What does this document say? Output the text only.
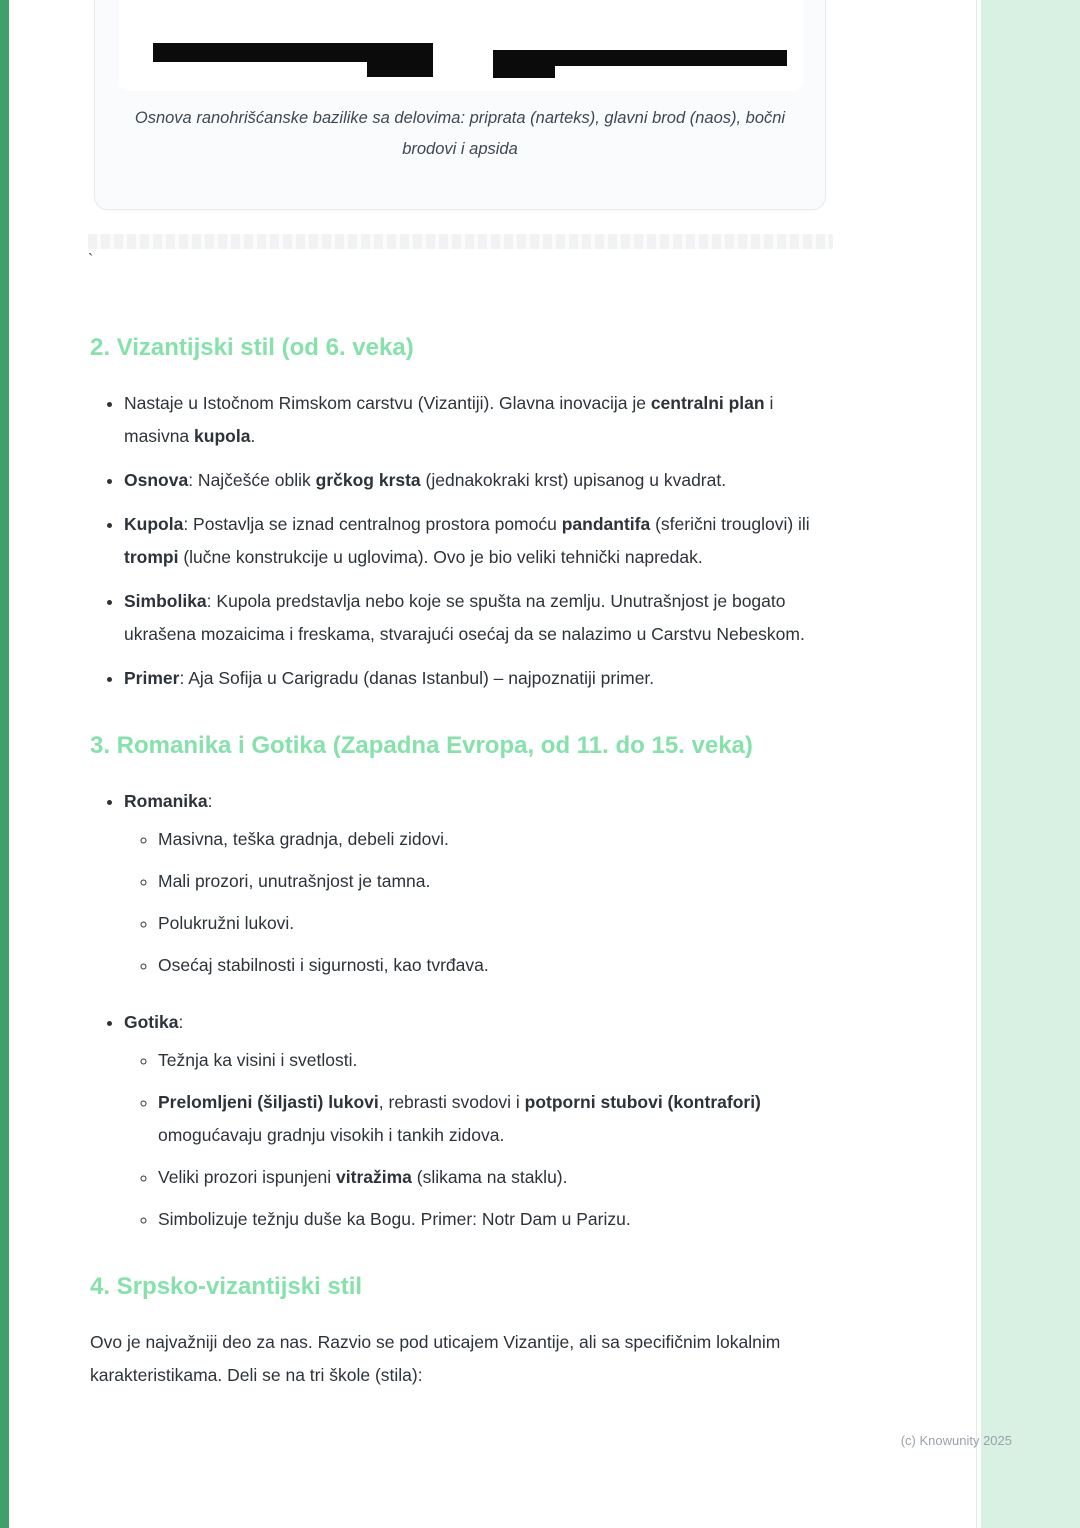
Osnova ranohrišćanske bazilike sa delovima: priprata (narteks), glavni brod (naos), bočni brodovi i apsida

`
2. Vizantijski stil (od 6. veka)
• Nastaje u Istočnom Rimskom carstvu (Vizantiji). Glavna inovacija je centralni plan i masivna kupola.
• Osnova: Najčešće oblik grčkog krsta (jednakokraki krst) upisanog u kvadrat.
• Kupola: Postavlja se iznad centralnog prostora pomoću pandantifa (sferični trouglovi) ili trompi (lučne konstrukcije u uglovima). Ovo je bio veliki tehnički napredak.
• Simbolika: Kupola predstavlja nebo koje se spušta na zemlju. Unutrašnjost je bogato ukrašena mozaicima i freskama, stvarajući osećaj da se nalazimo u Carstvu Nebeskom.
• Primer: Aja Sofija u Carigradu (danas Istanbul) – najpoznatiji primer.
3. Romanika i Gotika (Zapadna Evropa, od 11. do 15. veka)
• Romanika:
◦ Masivna, teška gradnja, debeli zidovi.
◦ Mali prozori, unutrašnjost je tamna.
◦ Polukružni lukovi.
◦ Osećaj stabilnosti i sigurnosti, kao tvrđava.
• Gotika:
◦ Težnja ka visini i svetlosti.
◦ Prelomljeni (šiljasti) lukovi, rebrasti svodovi i potporni stubovi (kontrafori) omogućavaju gradnju visokih i tankih zidova.
◦ Veliki prozori ispunjeni vitražima (slikama na staklu).
◦ Simbolizuje težnju duše ka Bogu. Primer: Notr Dam u Parizu.
4. Srpsko-vizantijski stil

Ovo je najvažniji deo za nas. Razvio se pod uticajem Vizantije, ali sa specifičnim lokalnim karakteristikama. Deli se na tri škole (stila):

(c) Knowunity 2025
